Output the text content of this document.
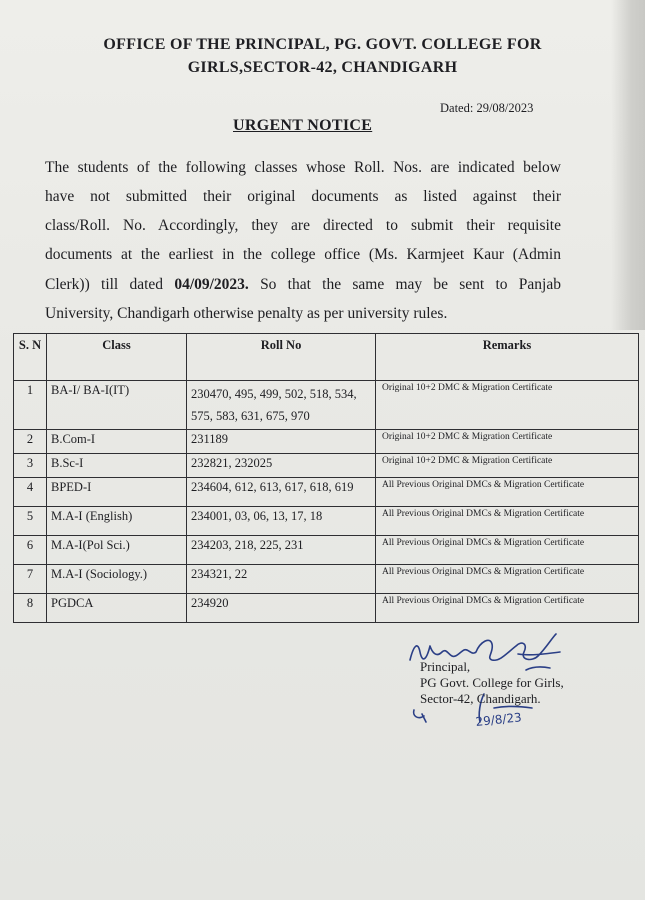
OFFICE OF THE PRINCIPAL, PG. GOVT. COLLEGE FOR
GIRLS,SECTOR-42, CHANDIGARH
Dated: 29/08/2023
URGENT NOTICE
The students of the following classes whose Roll. Nos. are indicated below
have not submitted their original documents as listed against their
class/Roll. No. Accordingly, they are directed to submit their requisite
documents at the earliest in the college office (Ms. Karmjeet Kaur (Admin
Clerk)) till dated 04/09/2023. So that the same may be sent to Panjab
University, Chandigarh otherwise penalty as per university rules.
S. N	Class	Roll No	Remarks
1	BA-I/ BA-I(IT)	230470, 495, 499, 502, 518, 534, 575, 583, 631, 675, 970	Original 10+2 DMC & Migration Certificate
2	B.Com-I	231189	Original 10+2 DMC & Migration Certificate
3	B.Sc-I	232821, 232025	Original 10+2 DMC & Migration Certificate
4	BPED-I	234604, 612, 613, 617, 618, 619	All Previous Original DMCs & Migration Certificate
5	M.A-I (English)	234001, 03, 06, 13, 17, 18	All Previous Original DMCs & Migration Certificate
6	M.A-I(Pol Sci.)	234203, 218, 225, 231	All Previous Original DMCs & Migration Certificate
7	M.A-I (Sociology.)	234321, 22	All Previous Original DMCs & Migration Certificate
8	PGDCA	234920	All Previous Original DMCs & Migration Certificate
29/8/23
Principal,
PG Govt. College for Girls,
Sector-42, Chandigarh.
